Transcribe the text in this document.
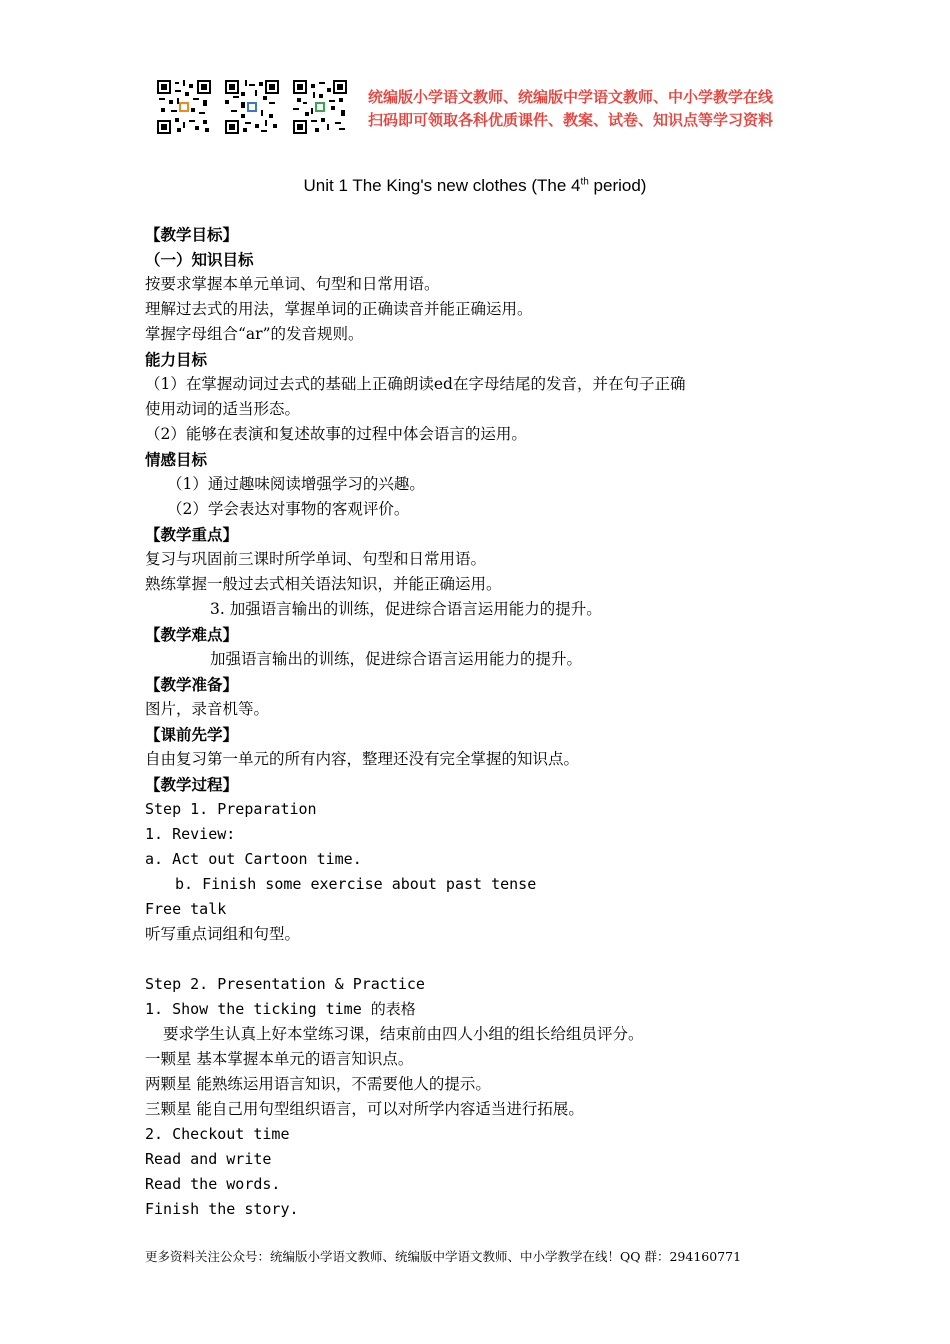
统编版小学语文教师、统编版中学语文教师、中小学教学在线
扫码即可领取各科优质课件、教案、试卷、知识点等学习资料
Unit 1 The King's new clothes (The 4th period)
【教学目标】
（一）知识目标
按要求掌握本单元单词、句型和日常用语。
理解过去式的用法，掌握单词的正确读音并能正确运用。
掌握字母组合“ar”的发音规则。
能力目标
（1）在掌握动词过去式的基础上正确朗读ed在字母结尾的发音，并在句子正确
使用动词的适当形态。
（2）能够在表演和复述故事的过程中体会语言的运用。
情感目标
（1）通过趣味阅读增强学习的兴趣。
（2）学会表达对事物的客观评价。
【教学重点】
复习与巩固前三课时所学单词、句型和日常用语。
熟练掌握一般过去式相关语法知识，并能正确运用。
3. 加强语言输出的训练，促进综合语言运用能力的提升。
【教学难点】
加强语言输出的训练，促进综合语言运用能力的提升。
【教学准备】
图片，录音机等。
【课前先学】
自由复习第一单元的所有内容，整理还没有完全掌握的知识点。
【教学过程】
Step 1. Preparation
1. Review:
a. Act out Cartoon time.
b. Finish some exercise about past tense
Free talk
听写重点词组和句型。
Step 2. Presentation & Practice
1. Show the ticking time 的表格
要求学生认真上好本堂练习课，结束前由四人小组的组长给组员评分。
一颗星 基本掌握本单元的语言知识点。
两颗星 能熟练运用语言知识，不需要他人的提示。
三颗星 能自己用句型组织语言，可以对所学内容适当进行拓展。
2. Checkout time
Read and write
Read the words.
Finish the story.
更多资料关注公众号：统编版小学语文教师、统编版中学语文教师、中小学教学在线！QQ 群：294160771
